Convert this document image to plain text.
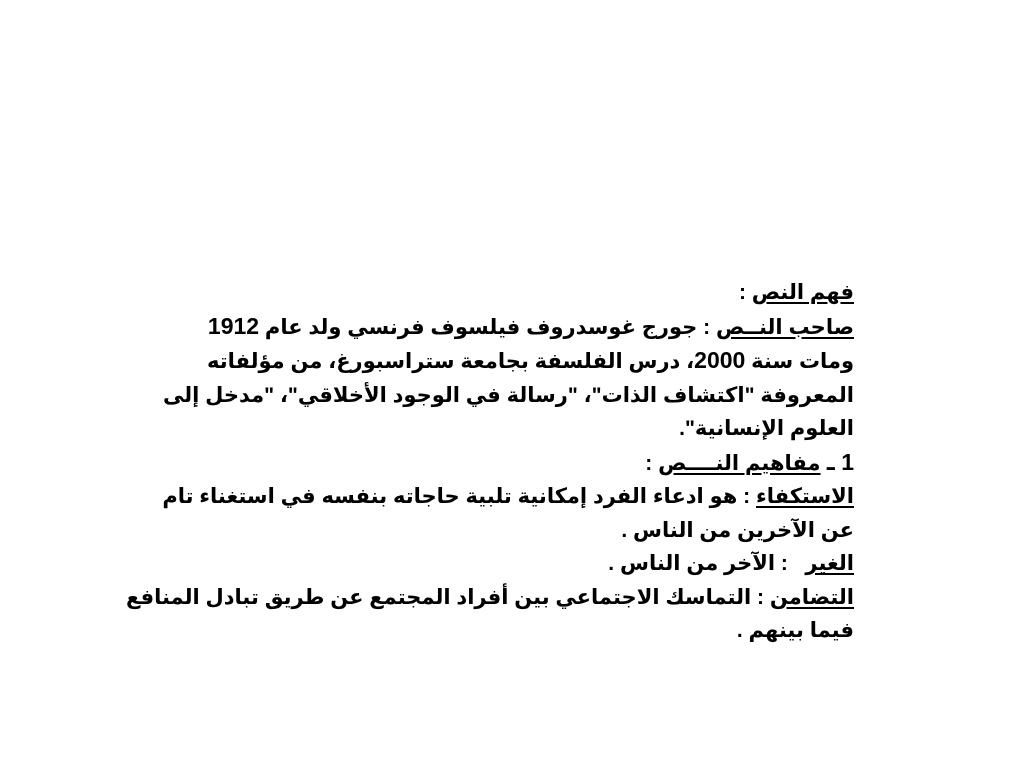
فهم النص :
صاحب النــص : جورج غوسدروف فيلسوف فرنسي ولد عام 1912
ومات سنة 2000، درس الفلسفة بجامعة ستراسبورغ، من مؤلفاته
المعروفة "اكتشاف الذات"، "رسالة في الوجود الأخلاقي"، "مدخل إلى
العلوم الإنسانية".
1 ـ مفاهيم النــــص :
الاستكفاء : هو ادعاء الفرد إمكانية تلبية حاجاته بنفسه في استغناء تام
عن الآخرين من الناس .
الغير   : الآخر من الناس .
التضامن : التماسك الاجتماعي بين أفراد المجتمع عن طريق تبادل المنافع
فيما بينهم .
